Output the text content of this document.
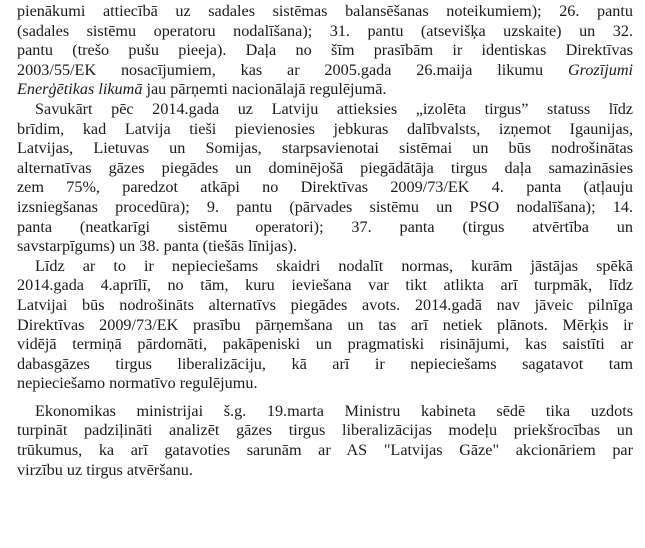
pienākumi attiecībā uz sadales sistēmas balansēšanas noteikumiem); 26. pantu
(sadales sistēmu operatoru nodalīšana); 31. pantu (atsevišķa uzskaite) un 32.
pantu (trešo pušu pieeja). Daļa no šīm prasībām ir identiskas Direktīvas
2003/55/EK nosacījumiem, kas ar 2005.gada 26.maija likumu Grozījumi
Enerģētikas likumā jau pārņemti nacionālajā regulējumā.
Savukārt pēc 2014.gada uz Latviju attieksies „izolēta tirgus” statuss līdz
brīdim, kad Latvija tieši pievienosies jebkuras dalībvalsts, izņemot Igaunijas,
Latvijas, Lietuvas un Somijas, starpsavienotai sistēmai un būs nodrošinātas
alternatīvas gāzes piegādes un dominējošā piegādātāja tirgus daļa samazināsies
zem 75%, paredzot atkāpi no Direktīvas 2009/73/EK 4. panta (atļauju
izsniegšanas procedūra); 9. pantu (pārvades sistēmu un PSO nodalīšana); 14.
panta (neatkarīgi sistēmu operatori); 37. panta (tirgus atvērtība un
savstarpīgums) un 38. panta (tiešās līnijas).
Līdz ar to ir nepieciešams skaidri nodalīt normas, kurām jāstājas spēkā
2014.gada 4.aprīlī, no tām, kuru ieviešana var tikt atlikta arī turpmāk, līdz
Latvijai būs nodrošināts alternatīvs piegādes avots. 2014.gadā nav jāveic pilnīga
Direktīvas 2009/73/EK prasību pārņemšana un tas arī netiek plānots. Mērķis ir
vidējā termiņā pārdomāti, pakāpeniski un pragmatiski risinājumi, kas saistīti ar
dabasgāzes tirgus liberalizāciju, kā arī ir nepieciešams sagatavot tam
nepieciešamo normatīvo regulējumu.
Ekonomikas ministrijai š.g. 19.marta Ministru kabineta sēdē tika uzdots
turpināt padziļināti analizēt gāzes tirgus liberalizācijas modeļu priekšrocības un
trūkumus, ka arī gatavoties sarunām ar AS "Latvijas Gāze" akcionāriem par
virzību uz tirgus atvēršanu.
